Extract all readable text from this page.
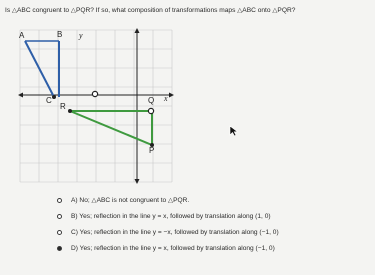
Is △ABC congruent to △PQR? If so, what composition of transformations maps △ABC onto △PQR?
A	B y
C	x
R
Q
P
A) No; △ABC is not congruent to △PQR.
B) Yes; reflection in the line y = x, followed by translation along (1, 0)
C) Yes; reflection in the line y = −x, followed by translation along (−1, 0)
D) Yes; reflection in the line y = x, followed by translation along (−1, 0)
